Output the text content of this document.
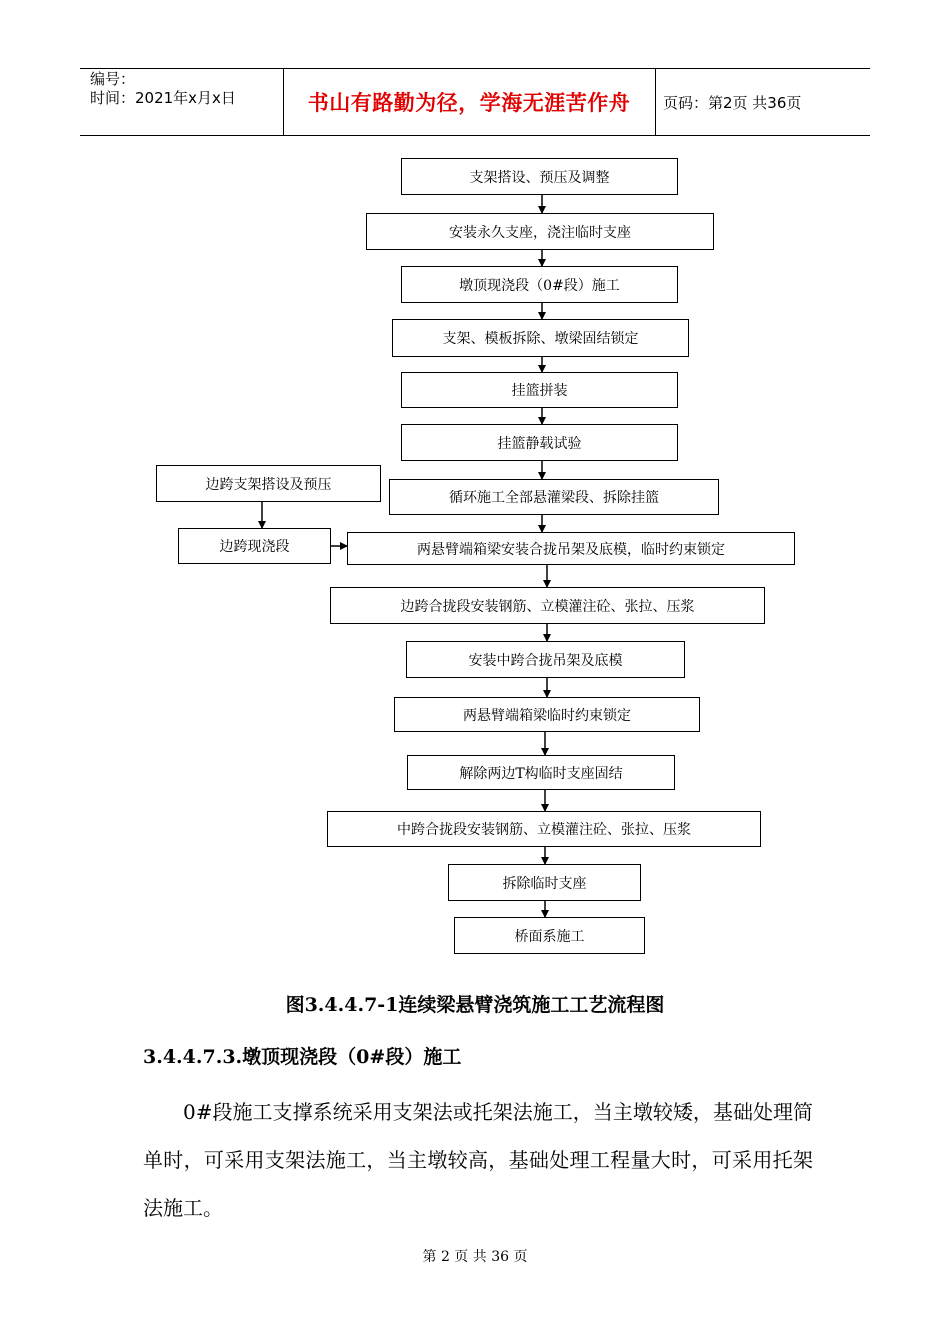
编号：
时间：2021年x月x日	书山有路勤为径，学海无涯苦作舟	页码：第2页 共36页
支架搭设、预压及调整
安装永久支座，浇注临时支座
墩顶现浇段（0#段）施工
支架、模板拆除、墩梁固结锁定
挂篮拼装
挂篮静载试验
循环施工全部悬灌梁段、拆除挂篮
两悬臂端箱梁安装合拢吊架及底模，临时约束锁定
边跨合拢段安装钢筋、立模灌注砼、张拉、压浆
安装中跨合拢吊架及底模
两悬臂端箱梁临时约束锁定
解除两边T构临时支座固结
中跨合拢段安装钢筋、立模灌注砼、张拉、压浆
拆除临时支座
桥面系施工
边跨支架搭设及预压
边跨现浇段
图3.4.4.7-1连续梁悬臂浇筑施工工艺流程图
3.4.4.7.3.墩顶现浇段（0#段）施工
0#段施工支撑系统采用支架法或托架法施工，当主墩较矮，基础处理简单时，可采用支架法施工，当主墩较高，基础处理工程量大时，可采用托架法施工。
第 2 页 共 36 页
